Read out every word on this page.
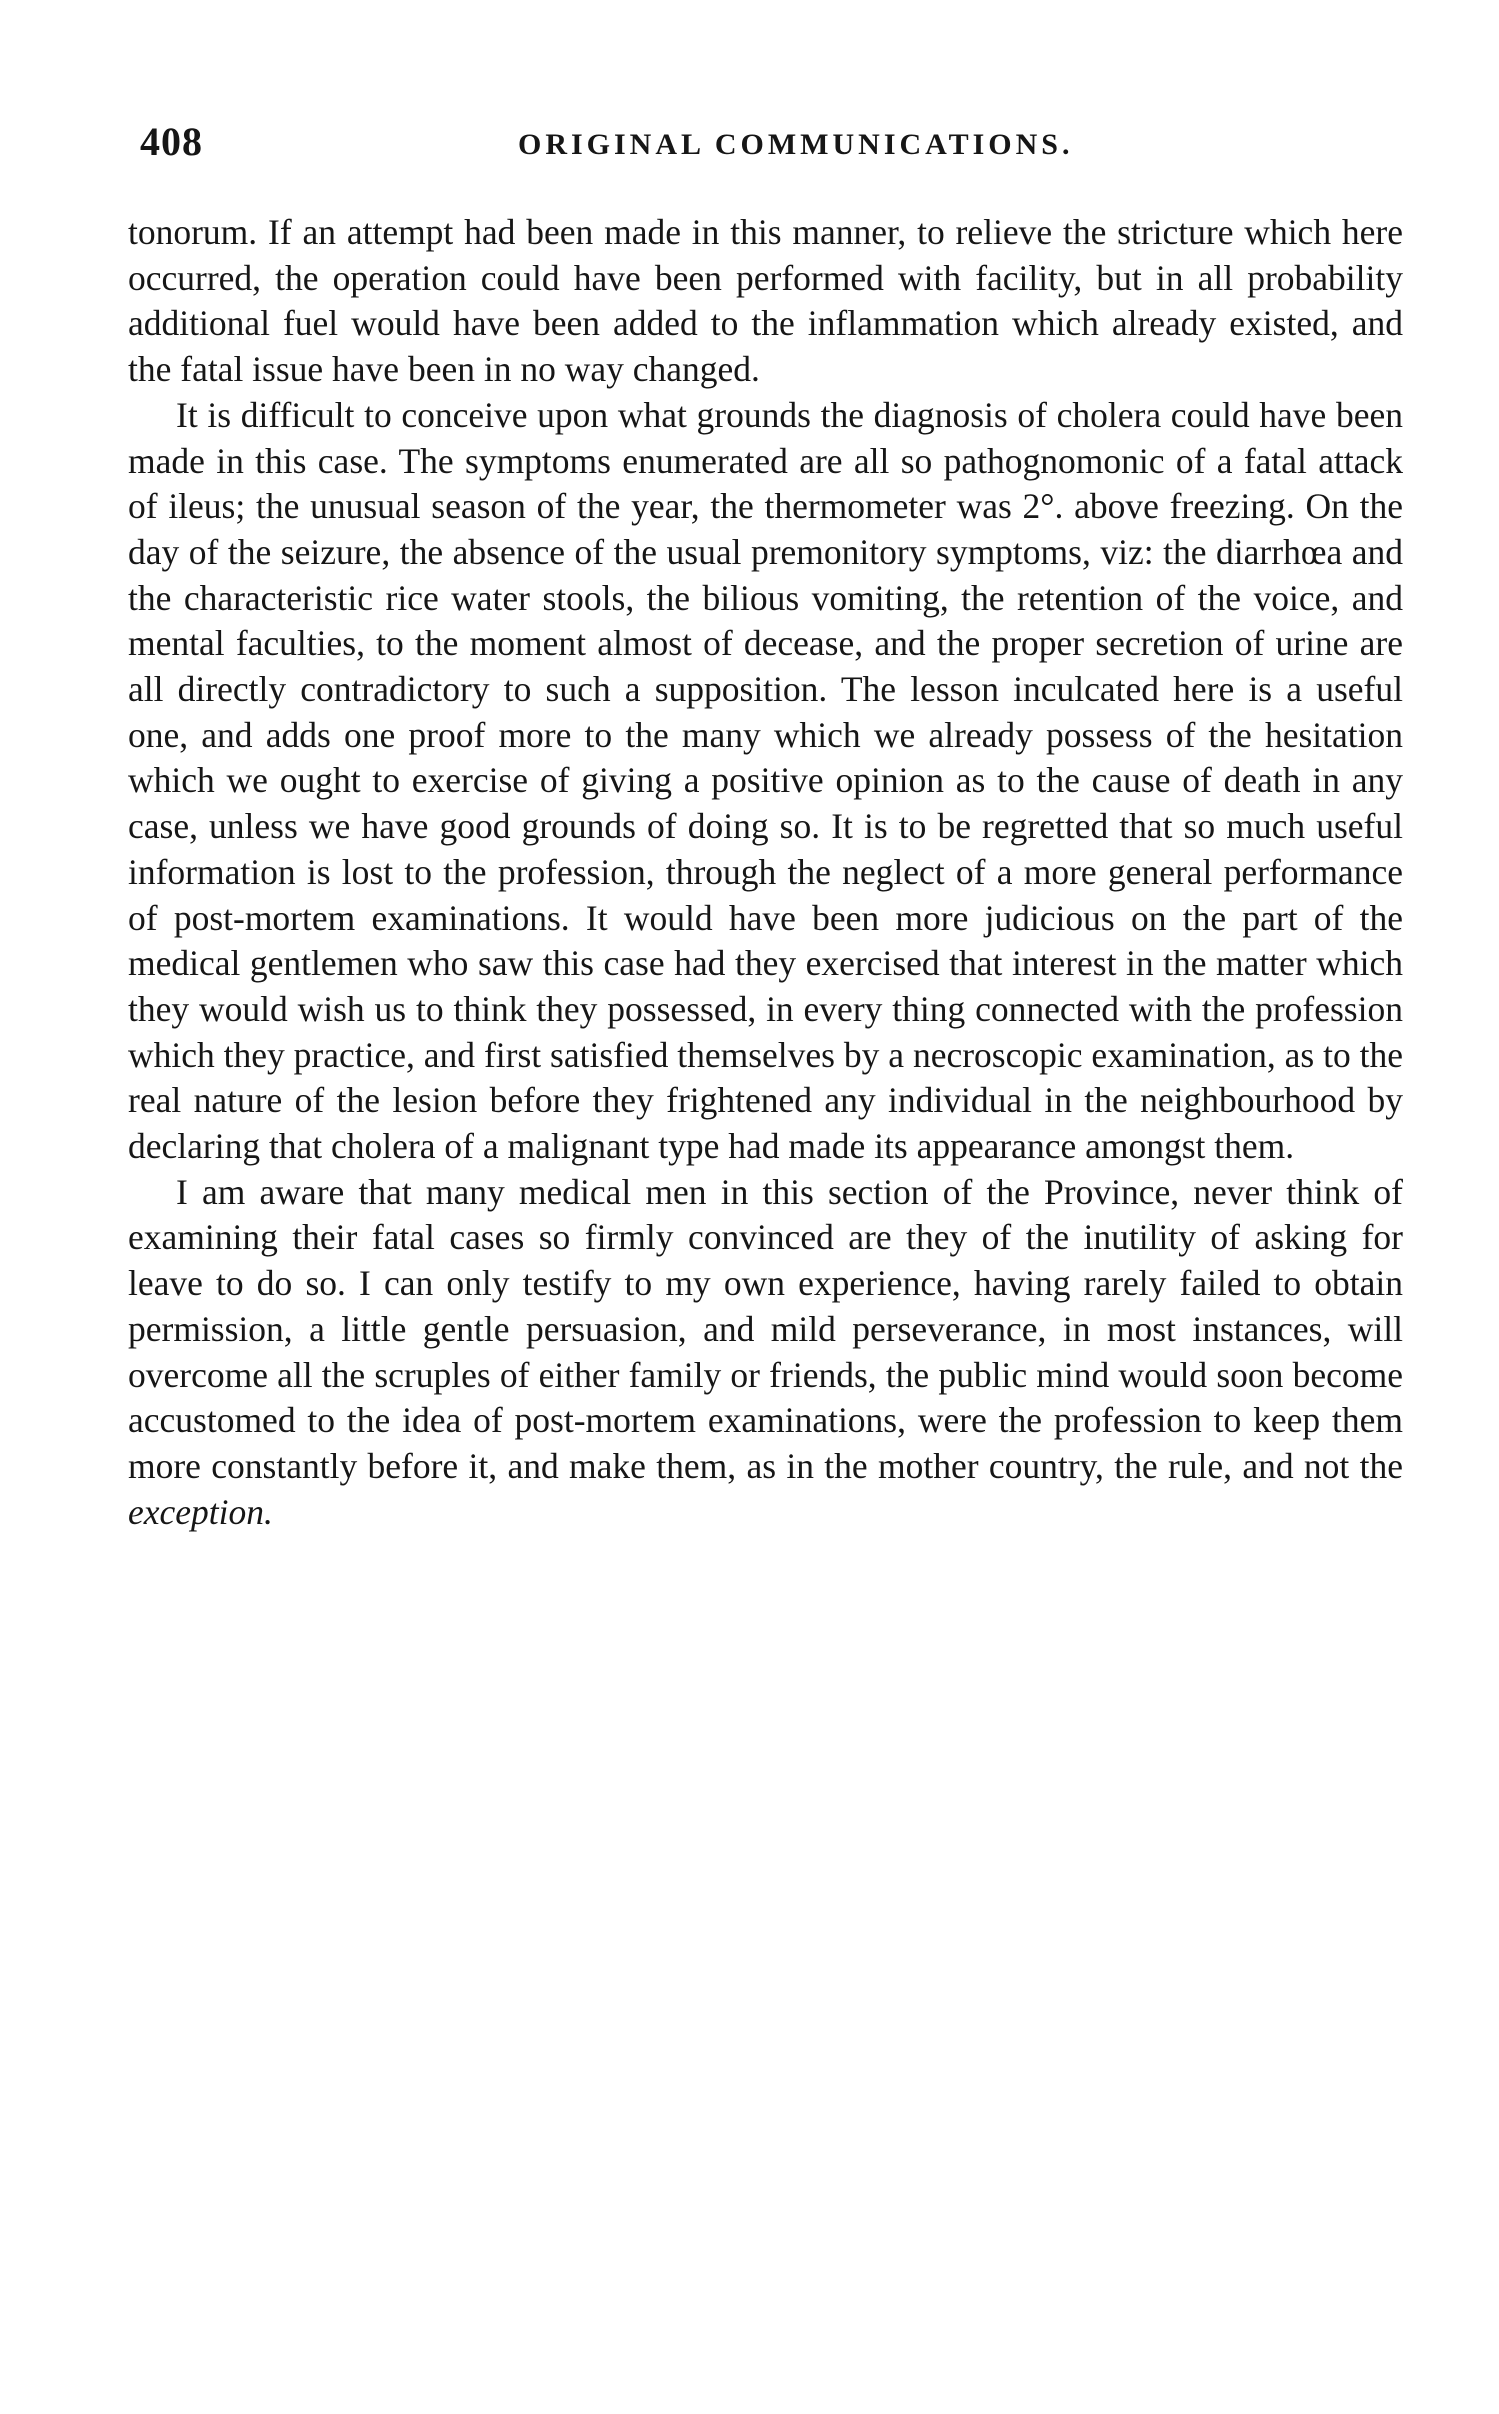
408	ORIGINAL COMMUNICATIONS.

tonorum. If an attempt had been made in this manner, to relieve the stricture which here occurred, the operation could have been performed with facility, but in all probability additional fuel would have been added to the inflammation which already existed, and the fatal issue have been in no way changed.

It is difficult to conceive upon what grounds the diagnosis of cholera could have been made in this case. The symptoms enumerated are all so pathognomonic of a fatal attack of ileus; the unusual season of the year, the thermometer was 2°. above freezing. On the day of the seizure, the absence of the usual premonitory symptoms, viz: the diarrhœa and the characteristic rice water stools, the bilious vomiting, the retention of the voice, and mental faculties, to the moment almost of decease, and the proper secretion of urine are all directly contradictory to such a supposition. The lesson inculcated here is a useful one, and adds one proof more to the many which we already possess of the hesitation which we ought to exercise of giving a positive opinion as to the cause of death in any case, unless we have good grounds of doing so. It is to be regretted that so much useful information is lost to the profession, through the neglect of a more general performance of post-mortem examinations. It would have been more judicious on the part of the medical gentlemen who saw this case had they exercised that interest in the matter which they would wish us to think they possessed, in every thing connected with the profession which they practice, and first satisfied themselves by a necroscopic examination, as to the real nature of the lesion before they frightened any individual in the neighbourhood by declaring that cholera of a malignant type had made its appearance amongst them.

I am aware that many medical men in this section of the Province, never think of examining their fatal cases so firmly convinced are they of the inutility of asking for leave to do so. I can only testify to my own experience, having rarely failed to obtain permission, a little gentle persuasion, and mild perseverance, in most instances, will overcome all the scruples of either family or friends, the public mind would soon become accustomed to the idea of post-mortem examinations, were the profession to keep them more constantly before it, and make them, as in the mother country, the rule, and not the exception.
